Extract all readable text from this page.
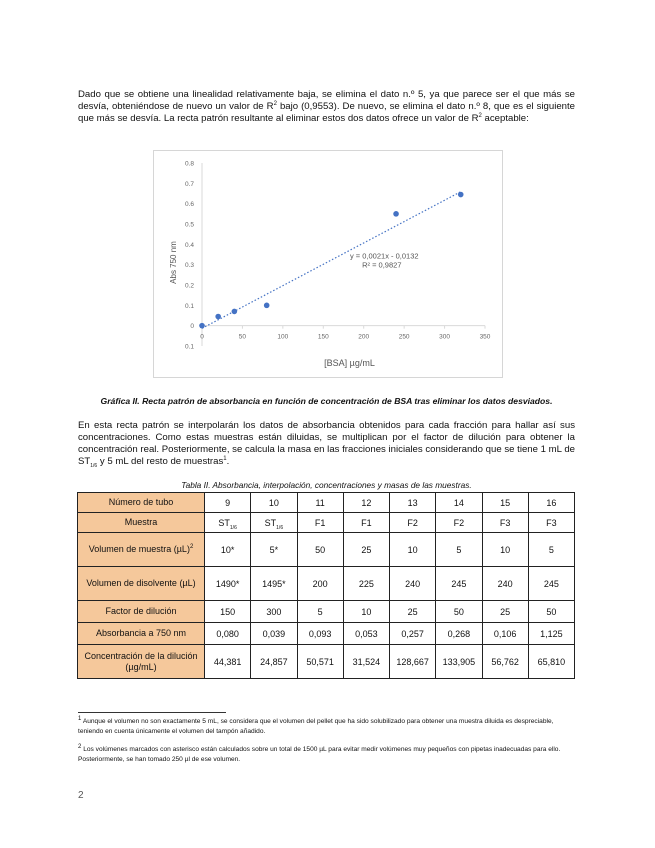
Dado que se obtiene una linealidad relativamente baja, se elimina el dato n.º 5, ya que parece ser el que más se desvía, obteniéndose de nuevo un valor de $R^2$ bajo (0,9553). De nuevo, se elimina el dato n.º 8, que es el siguiente que más se desvía. La recta patrón resultante al eliminar estos dos datos ofrece un valor de $R^2$ aceptable:
0.1
0
0.1
0.2
0.3
0.4
0.5
0.6
0.7
0.8
0	50	100	150	200	250	300	350
y = 0,0021x - 0,0132
R² = 0,9827
[BSA] µg/mL
Abs 750 nm
Gráfica II. Recta patrón de absorbancia en función de concentración de BSA tras eliminar los datos desviados.
En esta recta patrón se interpolarán los datos de absorbancia obtenidos para cada fracción para hallar así sus concentraciones. Como estas muestras están diluidas, se multiplican por el factor de dilución para obtener la concentración real. Posteriormente, se calcula la masa en las fracciones iniciales considerando que se tiene 1 mL de $ST_{1/6}$ y 5 mL del resto de muestras$^1$.
Tabla II. Absorbancia, interpolación, concentraciones y masas de las muestras.
Número de tubo	9	10	11	12	13	14	15	16
Muestra	$ST_{1/6}$	$ST_{1/6}$	F1	F1	F2	F2	F3	F3
Volumen de muestra $(\mu L)^2$	10*	5*	50	25	10	5	10	5
Volumen de disolvente (µL)	1490*	1495*	200	225	240	245	240	245
Factor de dilución	150	300	5	10	25	50	25	50
Absorbancia a 750 nm	0,080	0,039	0,093	0,053	0,257	0,268	0,106	1,125
Concentración de la dilución (µg/mL)	44,381	24,857	50,571	31,524	128,667	133,905	56,762	65,810
$^1$ Aunque el volumen no son exactamente 5 mL, se considera que el volumen del pellet que ha sido solubilizado para obtener una muestra diluida es despreciable, teniendo en cuenta únicamente el volumen del tampón añadido.
$^2$ Los volúmenes marcados con asterisco están calculados sobre un total de 1500 µL para evitar medir volúmenes muy pequeños con pipetas inadecuadas para ello. Posteriormente, se han tomado 250 µl de ese volumen.
2
